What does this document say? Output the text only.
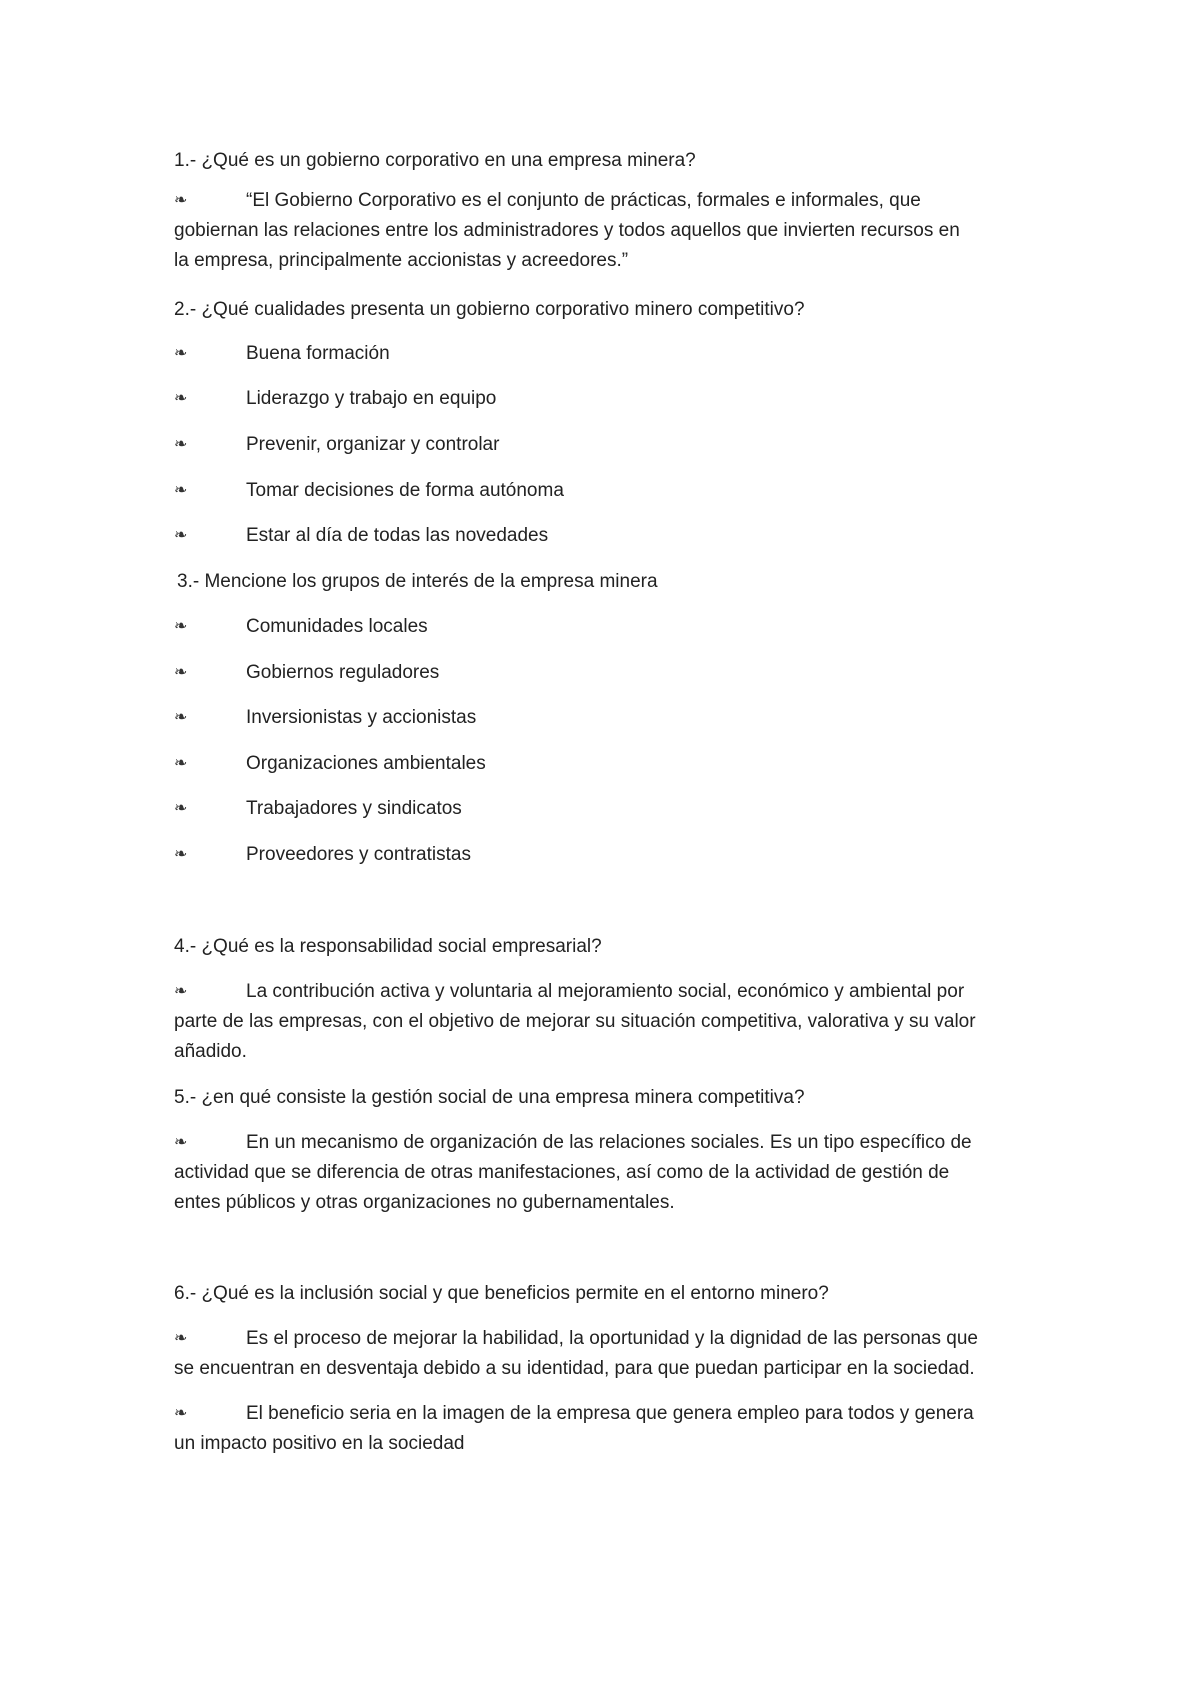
1.- ¿Qué es un gobierno corporativo en una empresa minera?
❧	“El Gobierno Corporativo es el conjunto de prácticas, formales e informales, que
gobiernan las relaciones entre los administradores y todos aquellos que invierten recursos en
la empresa, principalmente accionistas y acreedores.”
2.- ¿Qué cualidades presenta un gobierno corporativo minero competitivo?
❧	Buena formación
❧	Liderazgo y trabajo en equipo
❧	Prevenir, organizar y controlar
❧	Tomar decisiones de forma autónoma
❧	Estar al día de todas las novedades
3.- Mencione los grupos de interés de la empresa minera
❧	Comunidades locales
❧	Gobiernos reguladores
❧	Inversionistas y accionistas
❧	Organizaciones ambientales
❧	Trabajadores y sindicatos
❧	Proveedores y contratistas
4.- ¿Qué es la responsabilidad social empresarial?
❧	La contribución activa y voluntaria al mejoramiento social, económico y ambiental por
parte de las empresas, con el objetivo de mejorar su situación competitiva, valorativa y su valor
añadido.
5.- ¿en qué consiste la gestión social de una empresa minera competitiva?
❧	En un mecanismo de organización de las relaciones sociales. Es un tipo específico de
actividad que se diferencia de otras manifestaciones, así como de la actividad de gestión de
entes públicos y otras organizaciones no gubernamentales.
6.- ¿Qué es la inclusión social y que beneficios permite en el entorno minero?
❧	Es el proceso de mejorar la habilidad, la oportunidad y la dignidad de las personas que
se encuentran en desventaja debido a su identidad, para que puedan participar en la sociedad.
❧	El beneficio seria en la imagen de la empresa que genera empleo para todos y genera
un impacto positivo en la sociedad
